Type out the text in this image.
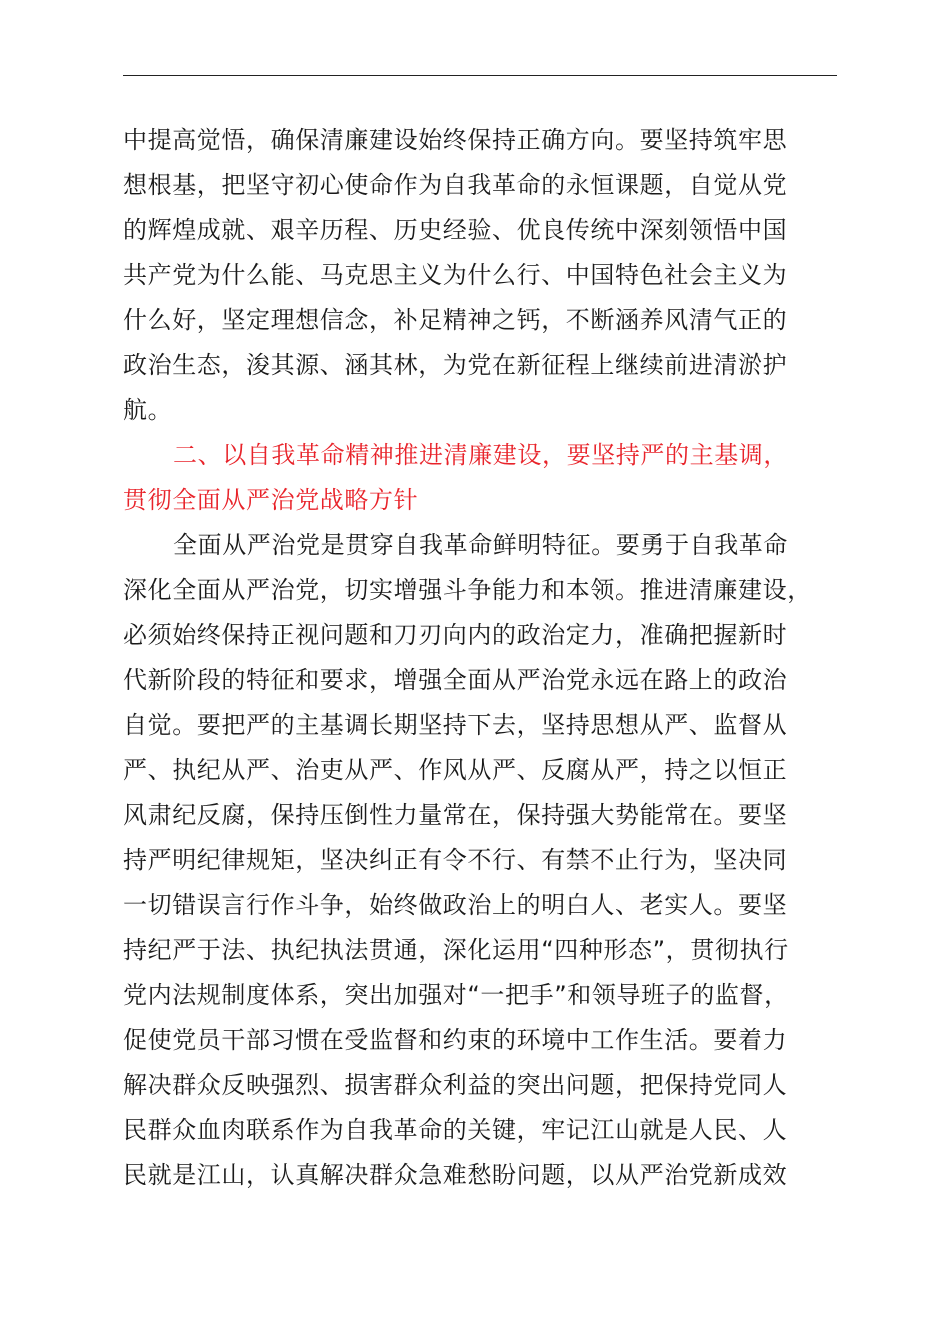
中提高觉悟，确保清廉建设始终保持正确方向。要坚持筑牢思
想根基，把坚守初心使命作为自我革命的永恒课题，自觉从党
的辉煌成就、艰辛历程、历史经验、优良传统中深刻领悟中国
共产党为什么能、马克思主义为什么行、中国特色社会主义为
什么好，坚定理想信念，补足精神之钙，不断涵养风清气正的
政治生态，浚其源、涵其林，为党在新征程上继续前进清淤护
航。
二、以自我革命精神推进清廉建设，要坚持严的主基调，
贯彻全面从严治党战略方针
全面从严治党是贯穿自我革命鲜明特征。要勇于自我革命
深化全面从严治党，切实增强斗争能力和本领。推进清廉建设，
必须始终保持正视问题和刀刃向内的政治定力，准确把握新时
代新阶段的特征和要求，增强全面从严治党永远在路上的政治
自觉。要把严的主基调长期坚持下去，坚持思想从严、监督从
严、执纪从严、治吏从严、作风从严、反腐从严，持之以恒正
风肃纪反腐，保持压倒性力量常在，保持强大势能常在。要坚
持严明纪律规矩，坚决纠正有令不行、有禁不止行为，坚决同
一切错误言行作斗争，始终做政治上的明白人、老实人。要坚
持纪严于法、执纪执法贯通，深化运用“四种形态”，贯彻执行
党内法规制度体系，突出加强对“一把手”和领导班子的监督，
促使党员干部习惯在受监督和约束的环境中工作生活。要着力
解决群众反映强烈、损害群众利益的突出问题，把保持党同人
民群众血肉联系作为自我革命的关键，牢记江山就是人民、人
民就是江山，认真解决群众急难愁盼问题，以从严治党新成效
